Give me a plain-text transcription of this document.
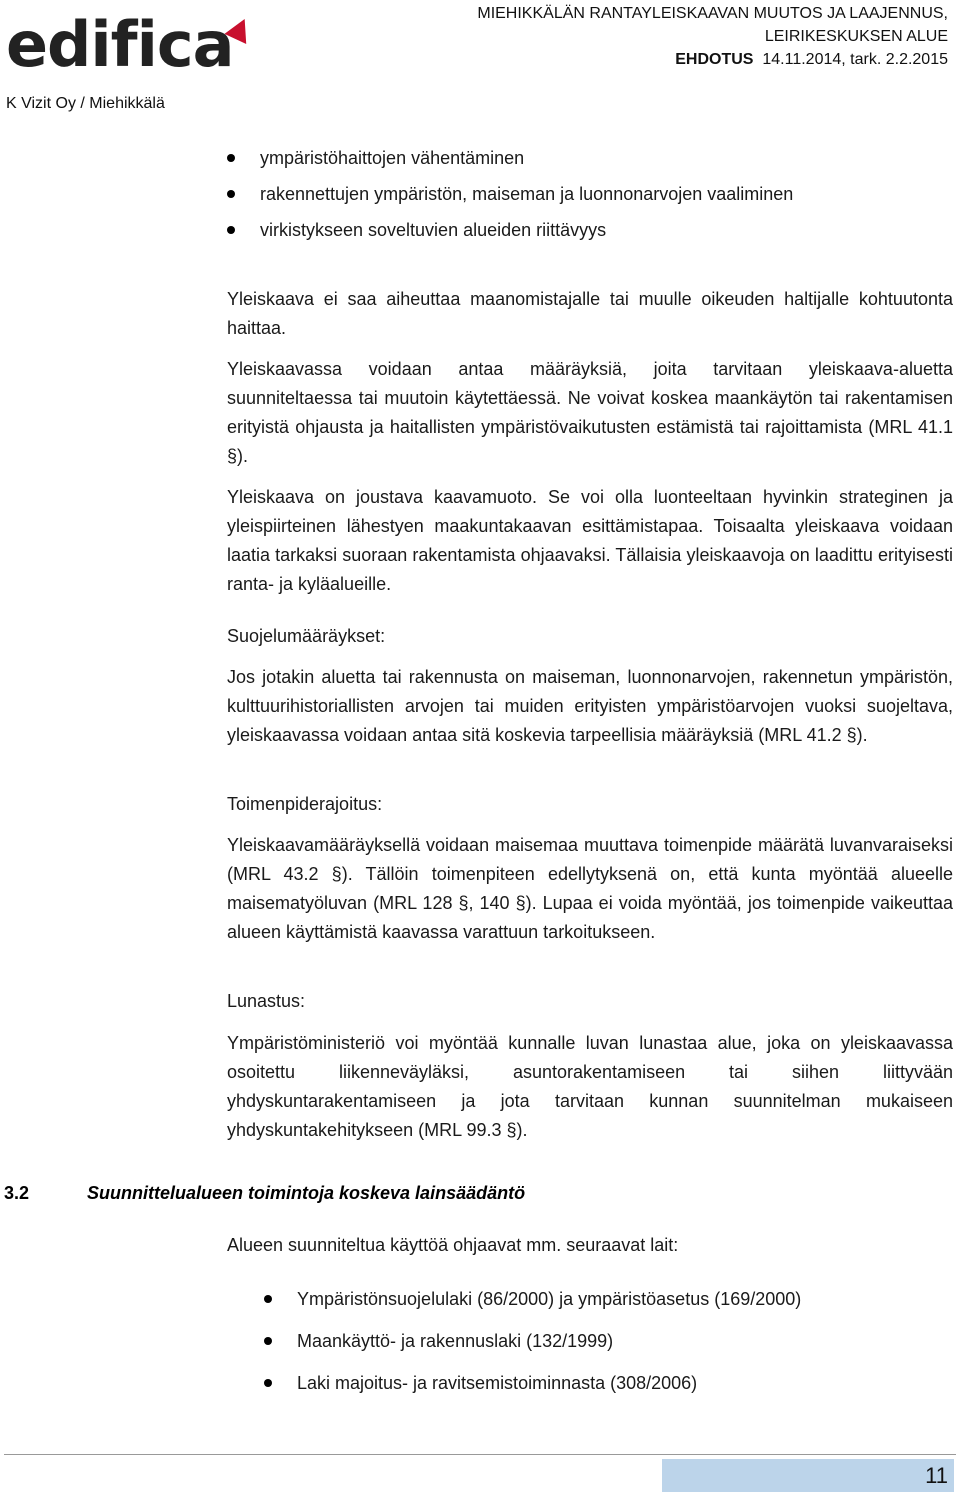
edifica	MIEHIKKÄLÄN RANTAYLEISKAAVAN MUUTOS JA LAAJENNUS,
LEIRIKESKUKSEN ALUE
EHDOTUS 14.11.2014, tark. 2.2.2015
K Vizit Oy / Miehikkälä
ympäristöhaittojen vähentäminen
rakennettujen ympäristön, maiseman ja luonnonarvojen vaaliminen
virkistykseen soveltuvien alueiden riittävyys
Yleiskaava ei saa aiheuttaa maanomistajalle tai muulle oikeuden haltijalle kohtuutonta haittaa.
Yleiskaavassa voidaan antaa määräyksiä, joita tarvitaan yleiskaava-aluetta suunniteltaessa tai muutoin käytettäessä. Ne voivat koskea maankäytön tai rakentamisen erityistä ohjausta ja haitallisten ympäristövaikutusten estämistä tai rajoittamista (MRL 41.1 §).
Yleiskaava on joustava kaavamuoto. Se voi olla luonteeltaan hyvinkin strateginen ja yleispiirteinen lähestyen maakuntakaavan esittämistapaa. Toisaalta yleiskaava voidaan laatia tarkaksi suoraan rakentamista ohjaavaksi. Tällaisia yleiskaavoja on laadittu erityisesti ranta- ja kyläalueille.
Suojelumääräykset:
Jos jotakin aluetta tai rakennusta on maiseman, luonnonarvojen, rakennetun ympäristön, kulttuurihistoriallisten arvojen tai muiden erityisten ympäristöarvojen vuoksi suojeltava, yleiskaavassa voidaan antaa sitä koskevia tarpeellisia määräyksiä (MRL 41.2 §).
Toimenpiderajoitus:
Yleiskaavamääräyksellä voidaan maisemaa muuttava toimenpide määrätä luvanvaraiseksi (MRL 43.2 §). Tällöin toimenpiteen edellytyksenä on, että kunta myöntää alueelle maisematyöluvan (MRL 128 §, 140 §). Lupaa ei voida myöntää, jos toimenpide vaikeuttaa alueen käyttämistä kaavassa varattuun tarkoitukseen.
Lunastus:
Ympäristöministeriö voi myöntää kunnalle luvan lunastaa alue, joka on yleiskaavassa osoitettu liikenneväyläksi, asuntorakentamiseen tai siihen liittyvään yhdyskuntarakentamiseen ja jota tarvitaan kunnan suunnitelman mukaiseen yhdyskuntakehitykseen (MRL 99.3 §).
3.2	Suunnittelualueen toimintoja koskeva lainsäädäntö
Alueen suunniteltua käyttöä ohjaavat mm. seuraavat lait:
Ympäristönsuojelulaki (86/2000) ja ympäristöasetus (169/2000)
Maankäyttö- ja rakennuslaki (132/1999)
Laki majoitus- ja ravitsemistoiminnasta (308/2006)
11
